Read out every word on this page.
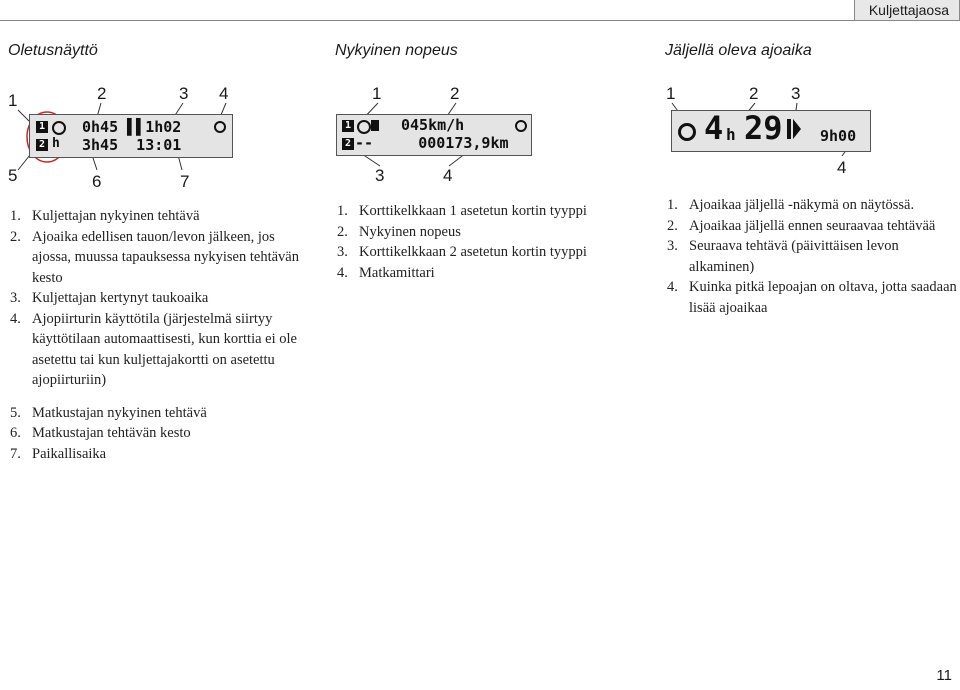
Kuljettajaosa
Oletusnäyttö
1	2	3 4
5	6	7
1 0h45 ▌▌1h02
2 h 3h45  13:01
1. Kuljettajan nykyinen tehtävä
2. Ajoaika edellisen tauon/levon jälkeen, jos ajossa, muussa tapauksessa nykyisen tehtävän kesto
3. Kuljettajan kertynyt taukoaika
4. Ajopiirturin käyttötila (järjestelmä siirtyy käyttötilaan automaattisesti, kun korttia ei ole asetettu tai kun kuljettajakortti on asetettu ajopiirturiin)
5. Matkustajan nykyinen tehtävä
6. Matkustajan tehtävän kesto
7. Paikallisaika
Nykyinen nopeus
1	2
3	4
1	045km/h
2 --     000173,9km
1. Korttikelkkaan 1 asetetun kortin tyyppi
2. Nykyinen nopeus
3. Korttikelkkaan 2 asetetun kortin tyyppi
4. Matkamittari
Jäljellä oleva ajoaika
1	2 3
4
4 h 29 9h00
1. Ajoaikaa jäljellä -näkymä on näytössä.
2. Ajoaikaa jäljellä ennen seuraavaa tehtävää
3. Seuraava tehtävä (päivittäisen levon alkaminen)
4. Kuinka pitkä lepoajan on oltava, jotta saadaan lisää ajoaikaa
11
